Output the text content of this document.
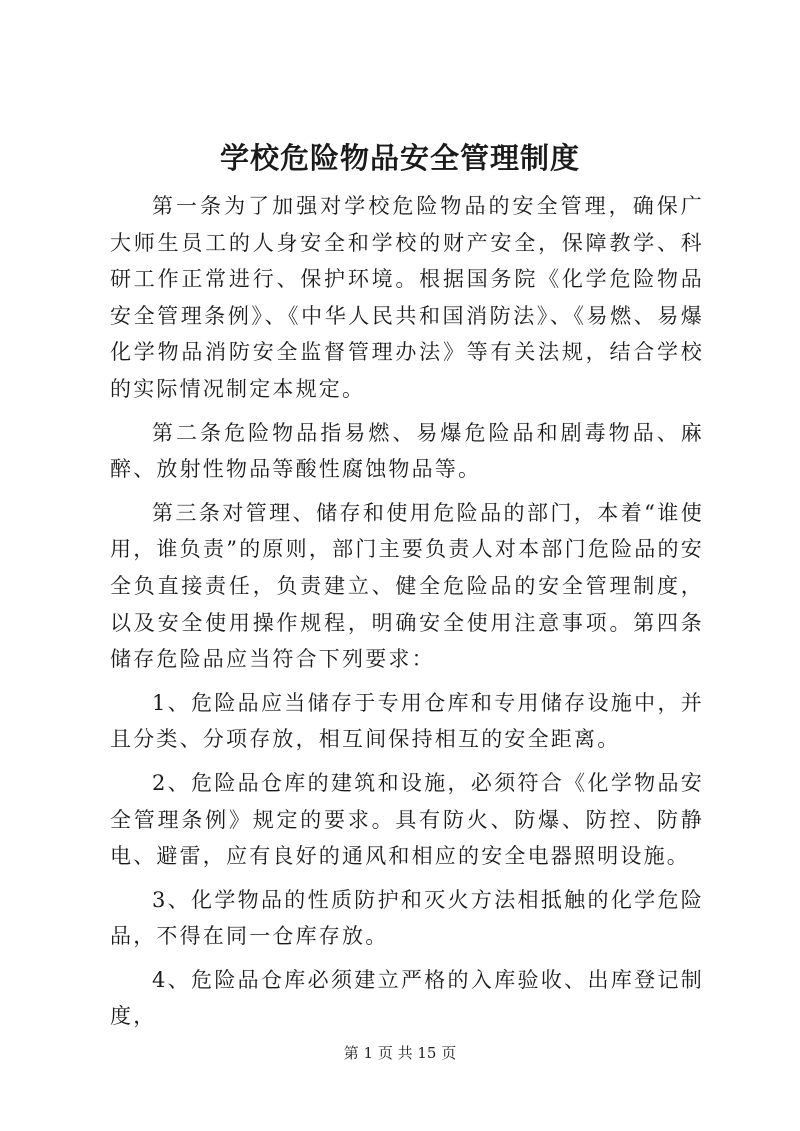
学校危险物品安全管理制度

第一条为了加强对学校危险物品的安全管理，确保广大师生员工的人身安全和学校的财产安全，保障教学、科研工作正常进行、保护环境。根据国务院《化学危险物品安全管理条例》、《中华人民共和国消防法》、《易燃、易爆化学物品消防安全监督管理办法》等有关法规，结合学校的实际情况制定本规定。

第二条危险物品指易燃、易爆危险品和剧毒物品、麻醉、放射性物品等酸性腐蚀物品等。

第三条对管理、储存和使用危险品的部门，本着“谁使用，谁负责”的原则，部门主要负责人对本部门危险品的安全负直接责任，负责建立、健全危险品的安全管理制度，以及安全使用操作规程，明确安全使用注意事项。第四条储存危险品应当符合下列要求：

1、危险品应当储存于专用仓库和专用储存设施中，并且分类、分项存放，相互间保持相互的安全距离。

2、危险品仓库的建筑和设施，必须符合《化学物品安全管理条例》规定的要求。具有防火、防爆、防控、防静电、避雷，应有良好的通风和相应的安全电器照明设施。

3、化学物品的性质防护和灭火方法相抵触的化学危险品，不得在同一仓库存放。

4、危险品仓库必须建立严格的入库验收、出库登记制度，

第 1 页 共 15 页
